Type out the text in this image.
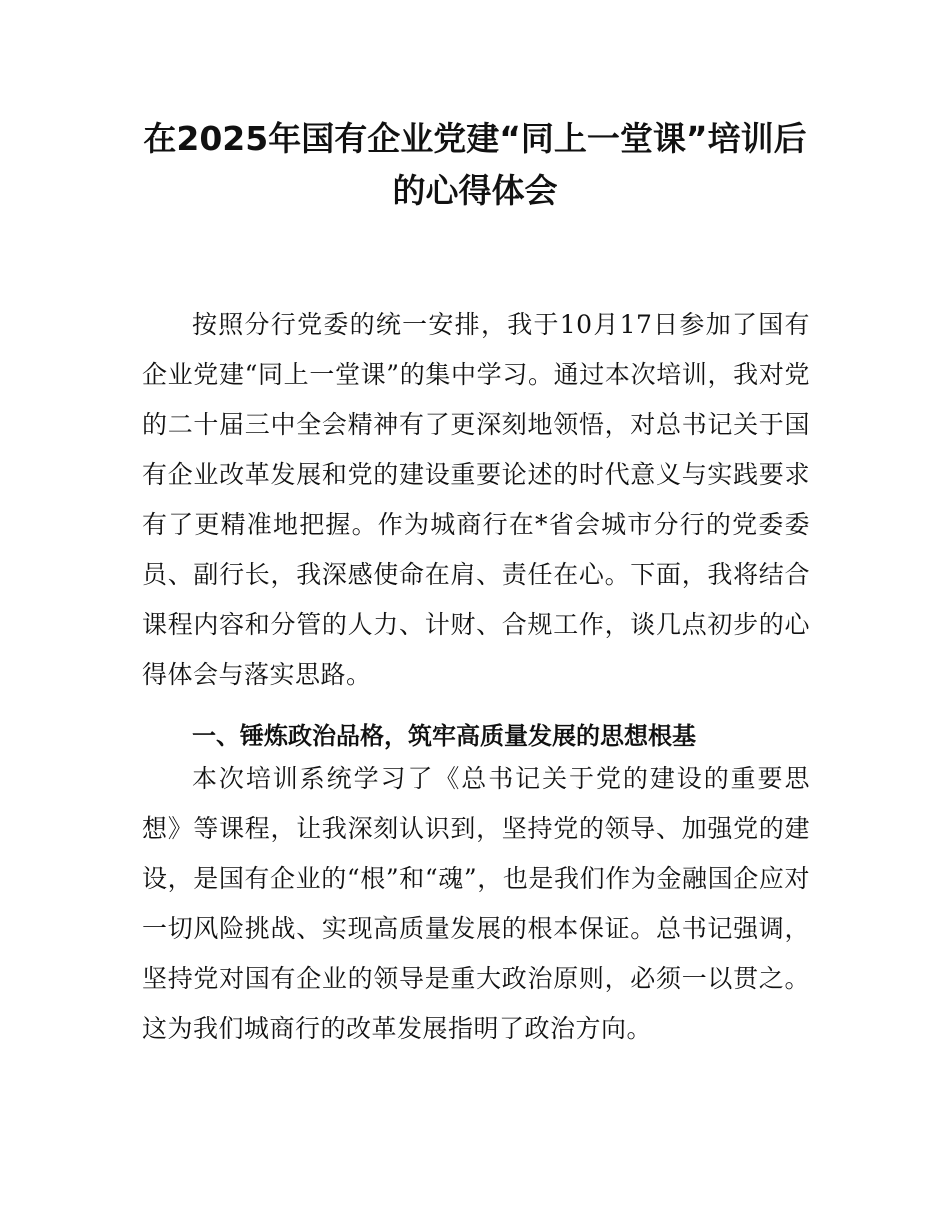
在2025年国有企业党建“同上一堂课”培训后的心得体会

按照分行党委的统一安排，我于10月17日参加了国有企业党建“同上一堂课”的集中学习。通过本次培训，我对党的二十届三中全会精神有了更深刻地领悟，对总书记关于国有企业改革发展和党的建设重要论述的时代意义与实践要求有了更精准地把握。作为城商行在*省会城市分行的党委委员、副行长，我深感使命在肩、责任在心。下面，我将结合课程内容和分管的人力、计财、合规工作，谈几点初步的心得体会与落实思路。

一、锤炼政治品格，筑牢高质量发展的思想根基

本次培训系统学习了《总书记关于党的建设的重要思想》等课程，让我深刻认识到，坚持党的领导、加强党的建设，是国有企业的“根”和“魂”，也是我们作为金融国企应对一切风险挑战、实现高质量发展的根本保证。总书记强调，坚持党对国有企业的领导是重大政治原则，必须一以贯之。这为我们城商行的改革发展指明了政治方向。
